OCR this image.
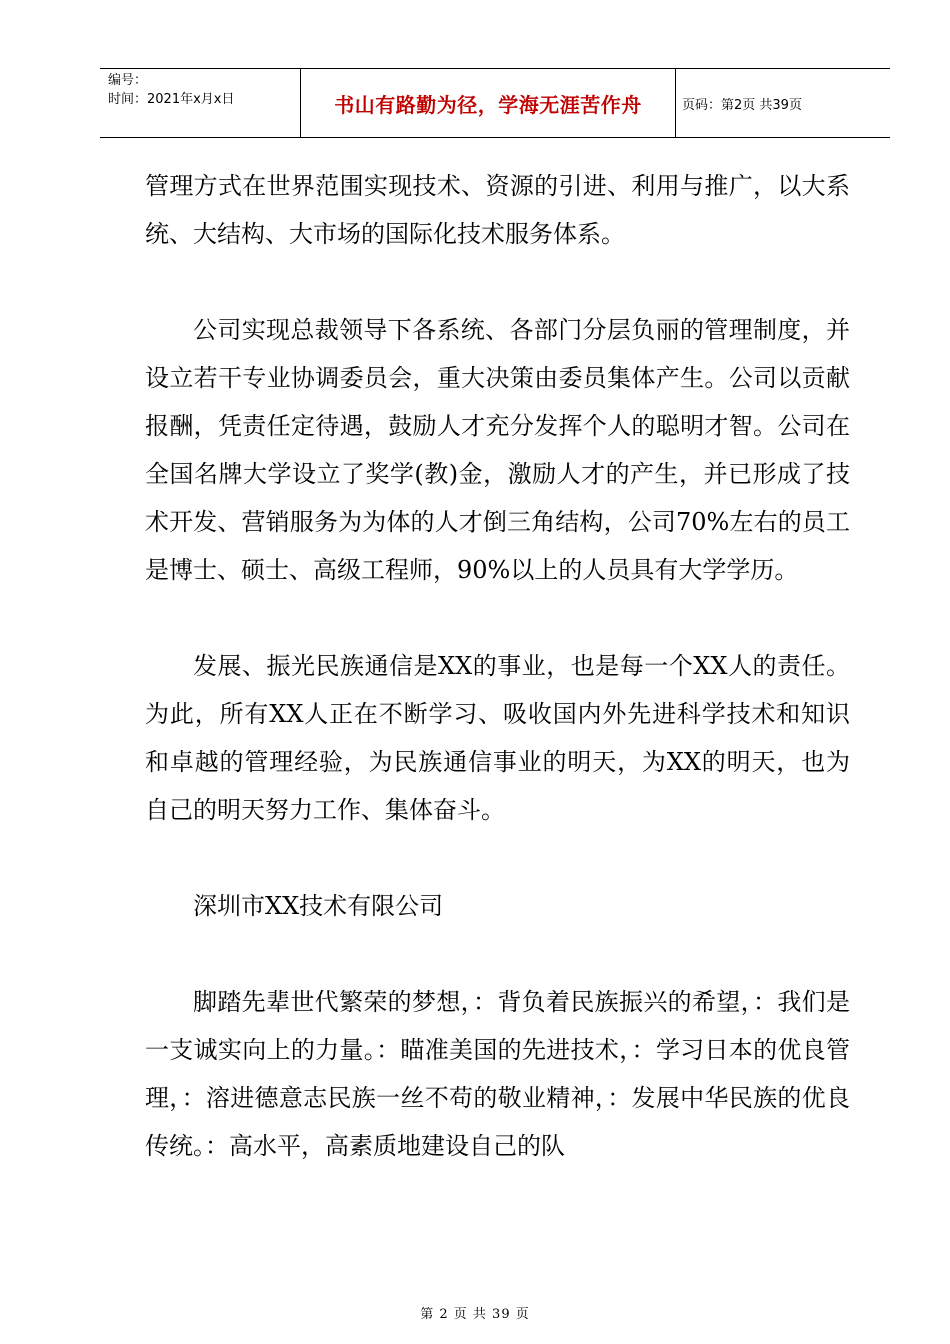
编号：
时间：2021年x月x日	书山有路勤为径，学海无涯苦作舟	页码：第2页 共39页

管理方式在世界范围实现技术、资源的引进、利用与推广，以大系统、大结构、大市场的国际化技术服务体系。

公司实现总裁领导下各系统、各部门分层负丽的管理制度，并设立若干专业协调委员会，重大决策由委员集体产生。公司以贡献报酬，凭责任定待遇，鼓励人才充分发挥个人的聪明才智。公司在全国名牌大学设立了奖学(教)金，激励人才的产生，并已形成了技术开发、营销服务为为体的人才倒三角结构，公司70%左右的员工是博士、硕士、高级工程师，90%以上的人员具有大学学历。

发展、振光民族通信是XX的事业，也是每一个XX人的责任。为此，所有XX人正在不断学习、吸收国内外先进科学技术和知识和卓越的管理经验，为民族通信事业的明天，为XX的明天，也为自己的明天努力工作、集体奋斗。

深圳市XX技术有限公司

脚踏先辈世代繁荣的梦想，：背负着民族振兴的希望，：我们是一支诚实向上的力量。：瞄准美国的先进技术，：学习日本的优良管理，：溶进德意志民族一丝不苟的敬业精神，：发展中华民族的优良传统。：高水平，高素质地建设自己的队

第 2 页 共 39 页
